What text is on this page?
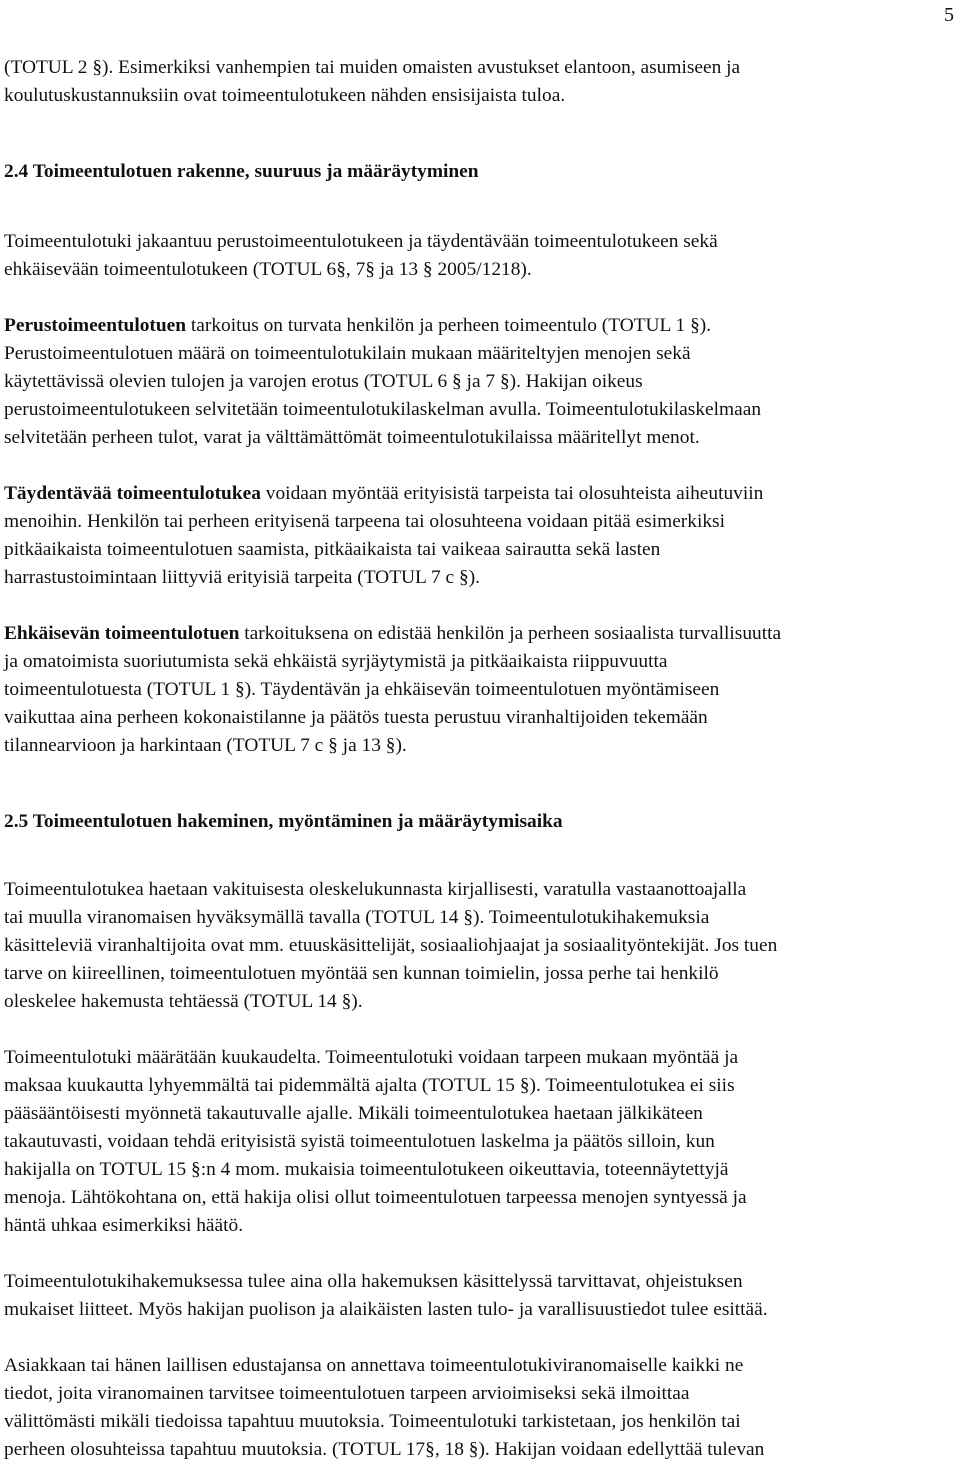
5

(TOTUL 2 §). Esimerkiksi vanhempien tai muiden omaisten avustukset elantoon, asumiseen ja
koulutuskustannuksiin ovat toimeentulotukeen nähden ensisijaista tuloa.

2.4 Toimeentulotuen rakenne, suuruus ja määräytyminen

Toimeentulotuki jakaantuu perustoimeentulotukeen ja täydentävään toimeentulotukeen sekä
ehkäisevään toimeentulotukeen (TOTUL 6§, 7§ ja 13 § 2005/1218).

Perustoimeentulotuen tarkoitus on turvata henkilön ja perheen toimeentulo (TOTUL 1 §).
Perustoimeentulotuen määrä on toimeentulotukilain mukaan määriteltyjen menojen sekä
käytettävissä olevien tulojen ja varojen erotus (TOTUL 6 § ja 7 §). Hakijan oikeus
perustoimeentulotukeen selvitetään toimeentulotukilaskelman avulla. Toimeentulotukilaskelmaan
selvitetään perheen tulot, varat ja välttämättömät toimeentulotukilaissa määritellyt menot.

Täydentävää toimeentulotukea voidaan myöntää erityisistä tarpeista tai olosuhteista aiheutuviin
menoihin. Henkilön tai perheen erityisenä tarpeena tai olosuhteena voidaan pitää esimerkiksi
pitkäaikaista toimeentulotuen saamista, pitkäaikaista tai vaikeaa sairautta sekä lasten
harrastustoimintaan liittyviä erityisiä tarpeita (TOTUL 7 c §).

Ehkäisevän toimeentulotuen tarkoituksena on edistää henkilön ja perheen sosiaalista turvallisuutta
ja omatoimista suoriutumista sekä ehkäistä syrjäytymistä ja pitkäaikaista riippuvuutta
toimeentulotuesta (TOTUL 1 §). Täydentävän ja ehkäisevän toimeentulotuen myöntämiseen
vaikuttaa aina perheen kokonaistilanne ja päätös tuesta perustuu viranhaltijoiden tekemään
tilannearvioon ja harkintaan (TOTUL 7 c § ja 13 §).

2.5 Toimeentulotuen hakeminen, myöntäminen ja määräytymisaika

Toimeentulotukea haetaan vakituisesta oleskelukunnasta kirjallisesti, varatulla vastaanottoajalla
tai muulla viranomaisen hyväksymällä tavalla (TOTUL 14 §). Toimeentulotukihakemuksia
käsitteleviä viranhaltijoita ovat mm. etuuskäsittelijät, sosiaaliohjaajat ja sosiaalityöntekijät. Jos tuen
tarve on kiireellinen, toimeentulotuen myöntää sen kunnan toimielin, jossa perhe tai henkilö
oleskelee hakemusta tehtäessä (TOTUL 14 §).

Toimeentulotuki määrätään kuukaudelta. Toimeentulotuki voidaan tarpeen mukaan myöntää ja
maksaa kuukautta lyhyemmältä tai pidemmältä ajalta (TOTUL 15 §). Toimeentulotukea ei siis
pääsääntöisesti myönnetä takautuvalle ajalle. Mikäli toimeentulotukea haetaan jälkikäteen
takautuvasti, voidaan tehdä erityisistä syistä toimeentulotuen laskelma ja päätös silloin, kun
hakijalla on TOTUL 15 §:n 4 mom. mukaisia toimeentulotukeen oikeuttavia, toteennäytettyjä
menoja. Lähtökohtana on, että hakija olisi ollut toimeentulotuen tarpeessa menojen syntyessä ja
häntä uhkaa esimerkiksi häätö.

Toimeentulotukihakemuksessa tulee aina olla hakemuksen käsittelyssä tarvittavat, ohjeistuksen
mukaiset liitteet. Myös hakijan puolison ja alaikäisten lasten tulo- ja varallisuustiedot tulee esittää.

Asiakkaan tai hänen laillisen edustajansa on annettava toimeentulotukiviranomaiselle kaikki ne
tiedot, joita viranomainen tarvitsee toimeentulotuen tarpeen arvioimiseksi sekä ilmoittaa
välittömästi mikäli tiedoissa tapahtuu muutoksia. Toimeentulotuki tarkistetaan, jos henkilön tai
perheen olosuhteissa tapahtuu muutoksia. (TOTUL 17§, 18 §). Hakijan voidaan edellyttää tulevan
